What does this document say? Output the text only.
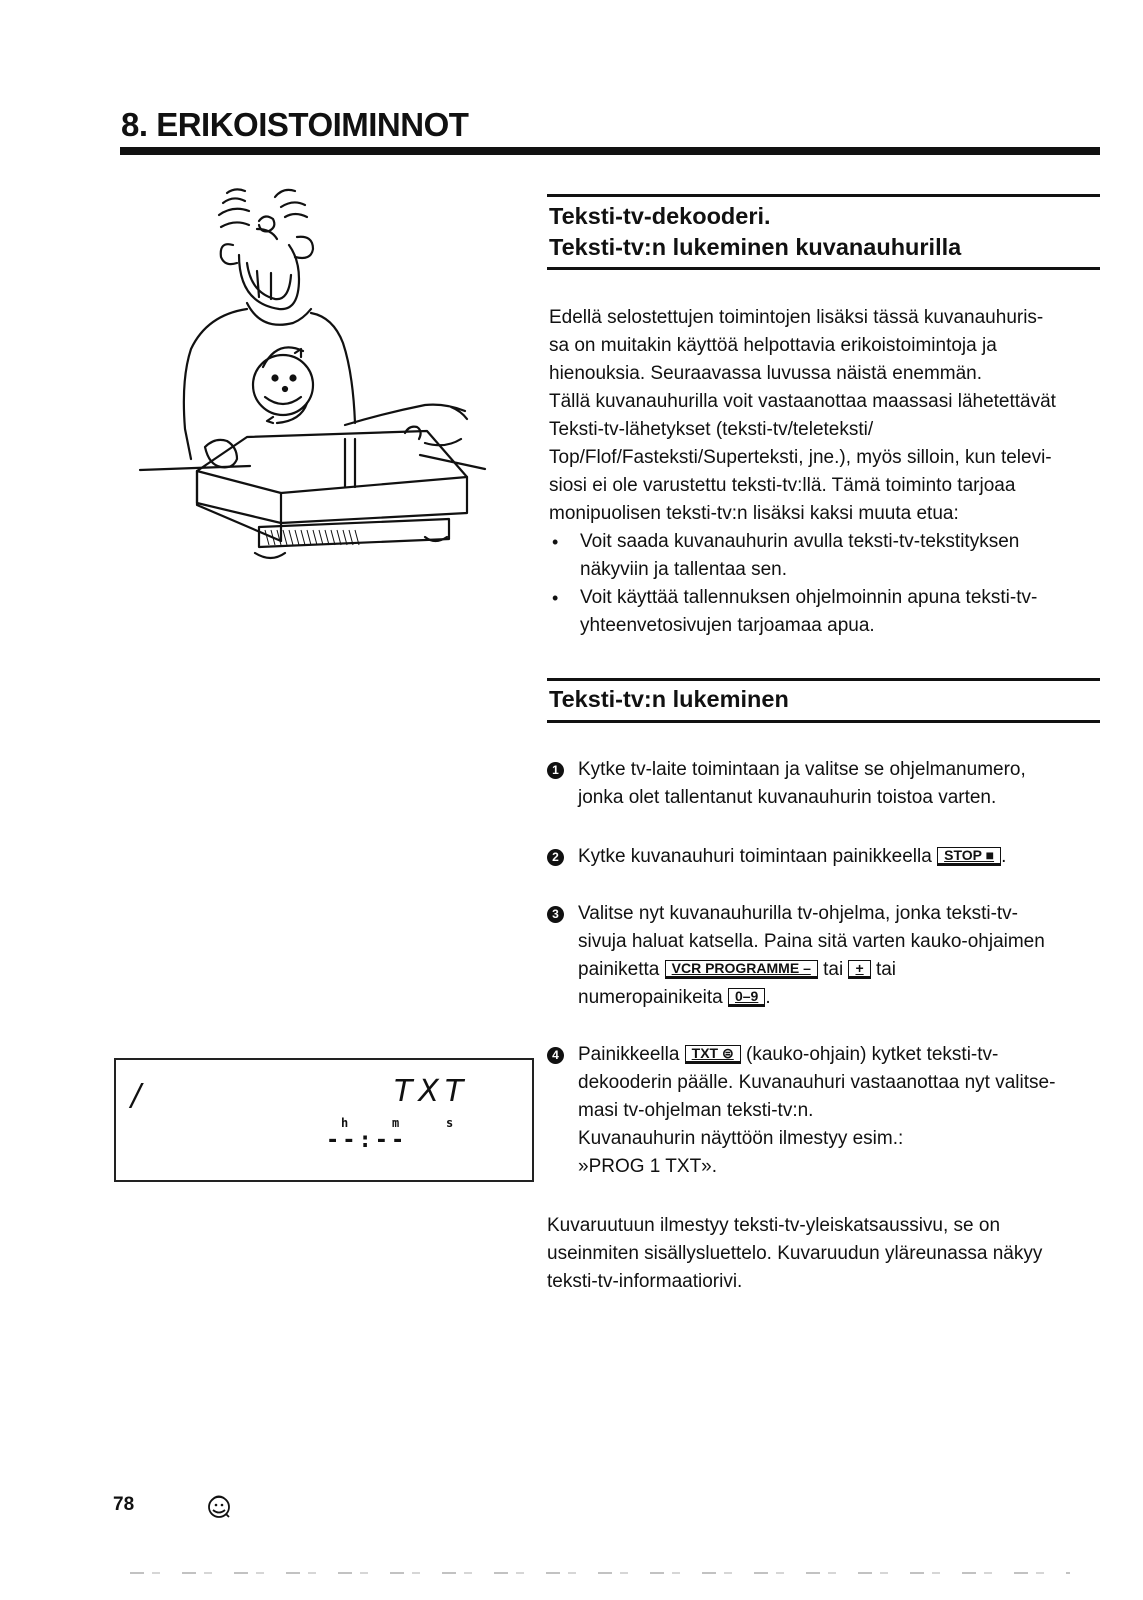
8. ERIKOISTOIMINNOT
Teksti-tv-dekooderi.
Teksti-tv:n lukeminen kuvanauhurilla

Edellä selostettujen toimintojen lisäksi tässä kuvanauhuris-

sa on muitakin käyttöä helpottavia erikoistoimintoja ja

hienouksia. Seuraavassa luvussa näistä enemmän.

Tällä kuvanauhurilla voit vastaanottaa maassasi lähetettävät

Teksti-tv-lähetykset (teksti-tv/teleteksti/

Top/Flof/Fasteksti/Superteksti, jne.), myös silloin, kun televi-

siosi ei ole varustettu teksti-tv:llä. Tämä toiminto tarjoaa

monipuolisen teksti-tv:n lisäksi kaksi muuta etua:

• Voit saada kuvanauhurin avulla teksti-tv-tekstityksen
näkyviin ja tallentaa sen.
• Voit käyttää tallennuksen ohjelmoinnin apuna teksti-tv-
yhteenvetosivujen tarjoamaa apua.
Teksti-tv:n lukeminen
1 Kytke tv-laite toimintaan ja valitse se ohjelmanumero,
jonka olet tallentanut kuvanauhurin toistoa varten.
2 Kytke kuvanauhuri toimintaan painikkeella STOP ■ .
3 Valitse nyt kuvanauhurilla tv-ohjelma, jonka teksti-tv-
sivuja haluat katsella. Paina sitä varten kauko-ohjaimen
painiketta VCR PROGRAMME – tai + tai
numeropainikeita 0–9 .
4 Painikkeella TXT ⊜ (kauko-ohjain) kytket teksti-tv-
dekooderin päälle. Kuvanauhuri vastaanottaa nyt valitse-
masi tv-ohjelman teksti-tv:n.
Kuvanauhurin näyttöön ilmestyy esim.:
»PROG 1 TXT».

Kuvaruutuun ilmestyy teksti-tv-yleiskatsaussivu, se on

useinmiten sisällysluettelo. Kuvaruudun yläreunassa näkyy

teksti-tv-informaatiorivi.

/	TXT
h	m	s
--:--
78
